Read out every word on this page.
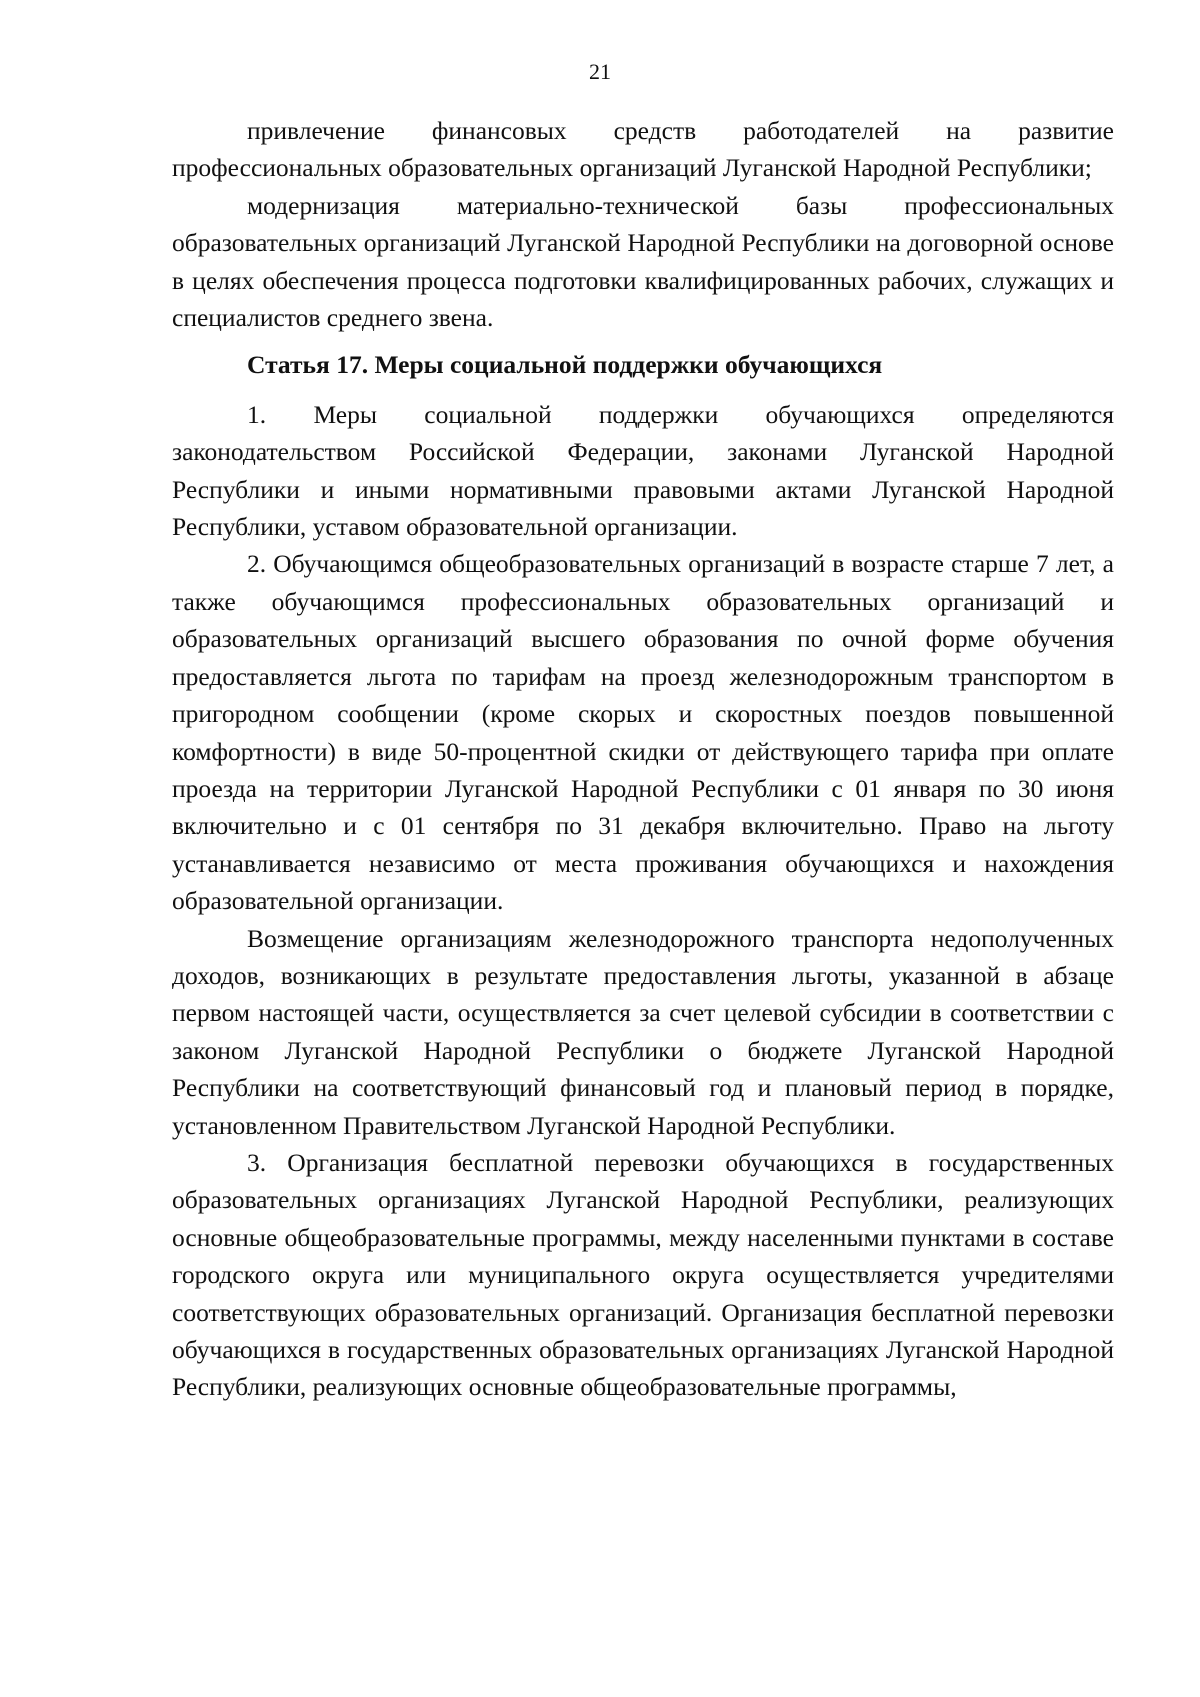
21

привлечение финансовых средств работодателей на развитие профессиональных образовательных организаций Луганской Народной Республики;

модернизация материально-технической базы профессиональных образовательных организаций Луганской Народной Республики на договорной основе в целях обеспечения процесса подготовки квалифицированных рабочих, служащих и специалистов среднего звена.

Статья 17. Меры социальной поддержки обучающихся

1. Меры социальной поддержки обучающихся определяются законодательством Российской Федерации, законами Луганской Народной Республики и иными нормативными правовыми актами Луганской Народной Республики, уставом образовательной организации.

2. Обучающимся общеобразовательных организаций в возрасте старше 7 лет, а также обучающимся профессиональных образовательных организаций и образовательных организаций высшего образования по очной форме обучения предоставляется льгота по тарифам на проезд железнодорожным транспортом в пригородном сообщении (кроме скорых и скоростных поездов повышенной комфортности) в виде 50-процентной скидки от действующего тарифа при оплате проезда на территории Луганской Народной Республики с 01 января по 30 июня включительно и с 01 сентября по 31 декабря включительно. Право на льготу устанавливается независимо от места проживания обучающихся и нахождения образовательной организации.

Возмещение организациям железнодорожного транспорта недополученных доходов, возникающих в результате предоставления льготы, указанной в абзаце первом настоящей части, осуществляется за счет целевой субсидии в соответствии с законом Луганской Народной Республики о бюджете Луганской Народной Республики на соответствующий финансовый год и плановый период в порядке, установленном Правительством Луганской Народной Республики.

3. Организация бесплатной перевозки обучающихся в государственных образовательных организациях Луганской Народной Республики, реализующих основные общеобразовательные программы, между населенными пунктами в составе городского округа или муниципального округа осуществляется учредителями соответствующих образовательных организаций. Организация бесплатной перевозки обучающихся в государственных образовательных организациях Луганской Народной Республики, реализующих основные общеобразовательные программы,
